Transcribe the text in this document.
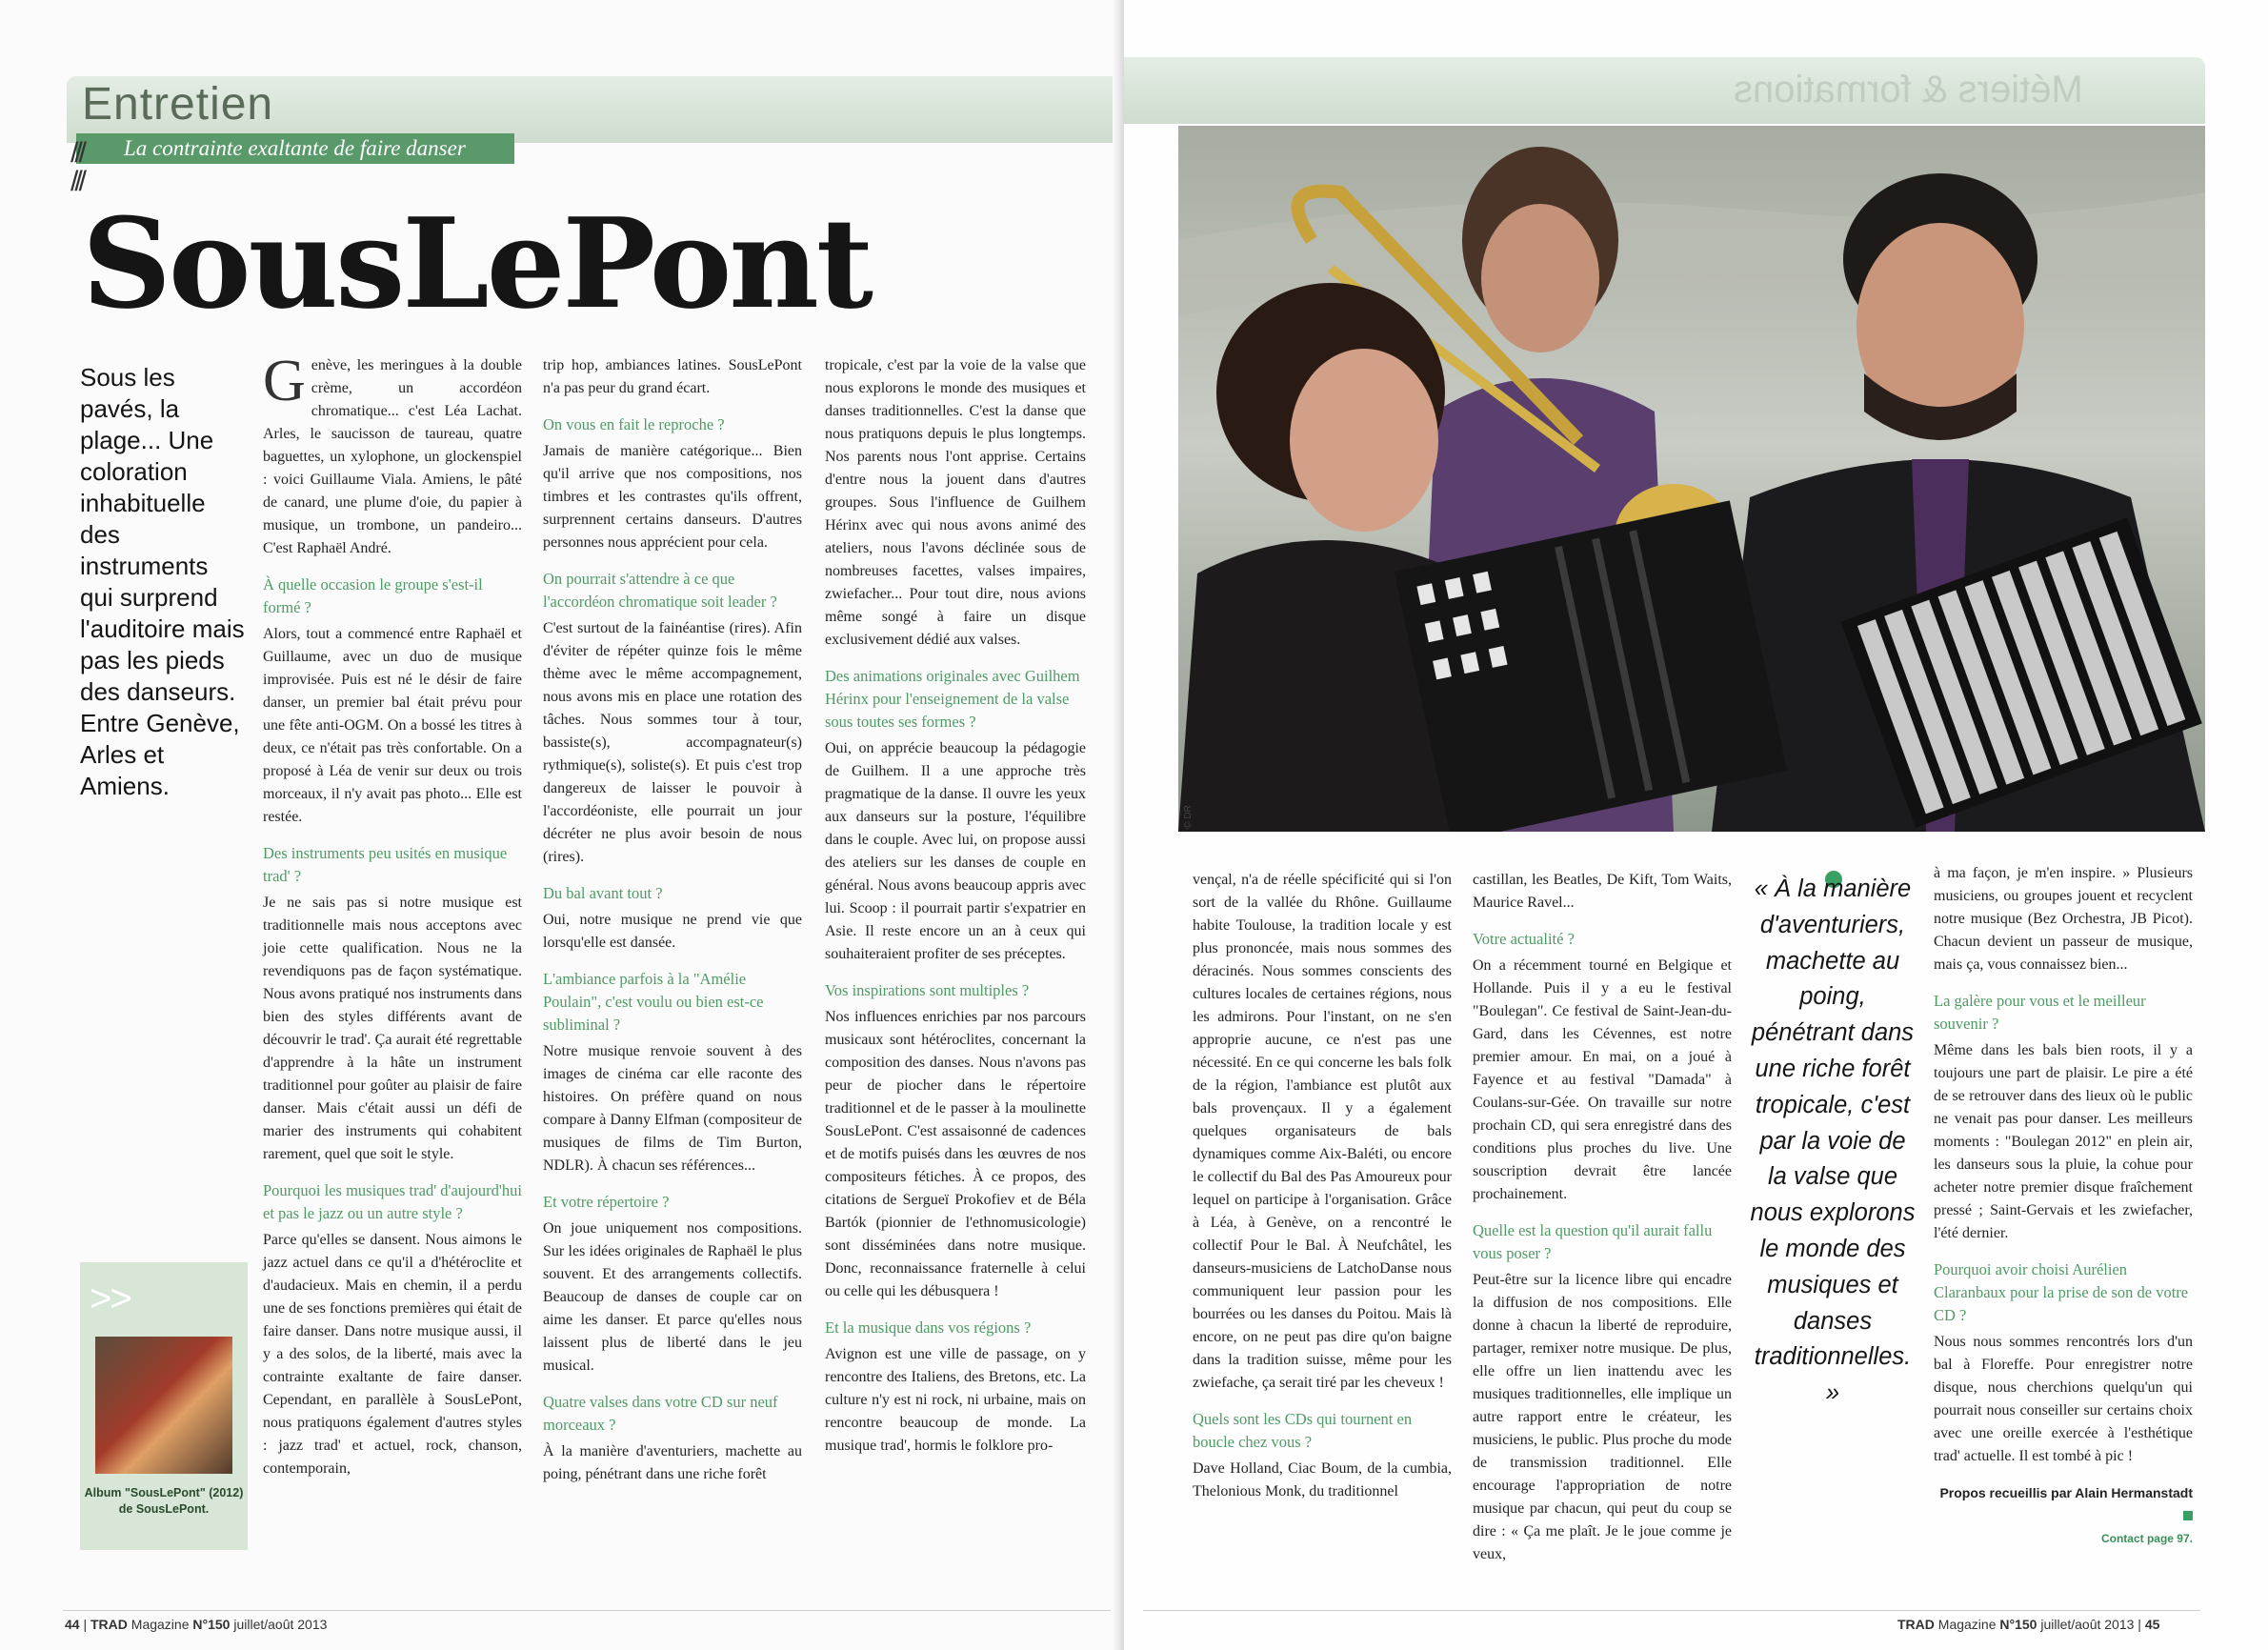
Entretien
La contrainte exaltante de faire danser
///
///
SousLePont
Sous les pavés, la plage... Une coloration inhabituelle des instruments qui surprend l'auditoire mais pas les pieds des danseurs. Entre Genève, Arles et Amiens.
>>
Album "SousLePont" (2012) de SousLePont.

Genève, les meringues à la double crème, un accordéon chromatique... c'est Léa Lachat. Arles, le saucisson de taureau, quatre baguettes, un xylophone, un glockenspiel : voici Guillaume Viala. Amiens, le pâté de canard, une plume d'oie, du papier à musique, un trombone, un pandeiro... C'est Raphaël André.

À quelle occasion le groupe s'est-il formé ?

Alors, tout a commencé entre Raphaël et Guillaume, avec un duo de musique improvisée. Puis est né le désir de faire danser, un premier bal était prévu pour une fête anti-OGM. On a bossé les titres à deux, ce n'était pas très confortable. On a proposé à Léa de venir sur deux ou trois morceaux, il n'y avait pas photo... Elle est restée.

Des instruments peu usités en musique trad' ?

Je ne sais pas si notre musique est traditionnelle mais nous acceptons avec joie cette qualification. Nous ne la revendiquons pas de façon systématique. Nous avons pratiqué nos instruments dans bien des styles différents avant de découvrir le trad'. Ça aurait été regrettable d'apprendre à la hâte un instrument traditionnel pour goûter au plaisir de faire danser. Mais c'était aussi un défi de marier des instruments qui cohabitent rarement, quel que soit le style.

Pourquoi les musiques trad' d'aujourd'hui et pas le jazz ou un autre style ?

Parce qu'elles se dansent. Nous aimons le jazz actuel dans ce qu'il a d'hétéroclite et d'audacieux. Mais en chemin, il a perdu une de ses fonctions premières qui était de faire danser. Dans notre musique aussi, il y a des solos, de la liberté, mais avec la contrainte exaltante de faire danser. Cependant, en parallèle à SousLePont, nous pratiquons également d'autres styles : jazz trad' et actuel, rock, chanson, contemporain,

trip hop, ambiances latines. SousLePont n'a pas peur du grand écart.

On vous en fait le reproche ?

Jamais de manière catégorique... Bien qu'il arrive que nos compositions, nos timbres et les contrastes qu'ils offrent, surprennent certains danseurs. D'autres personnes nous apprécient pour cela.

On pourrait s'attendre à ce que l'accordéon chromatique soit leader ?

C'est surtout de la fainéantise (rires). Afin d'éviter de répéter quinze fois le même thème avec le même accompagnement, nous avons mis en place une rotation des tâches. Nous sommes tour à tour, bassiste(s), accompagnateur(s) rythmique(s), soliste(s). Et puis c'est trop dangereux de laisser le pouvoir à l'accordéoniste, elle pourrait un jour décréter ne plus avoir besoin de nous (rires).

Du bal avant tout ?

Oui, notre musique ne prend vie que lorsqu'elle est dansée.

L'ambiance parfois à la "Amélie Poulain", c'est voulu ou bien est-ce subliminal ?

Notre musique renvoie souvent à des images de cinéma car elle raconte des histoires. On préfère quand on nous compare à Danny Elfman (compositeur de musiques de films de Tim Burton, NDLR). À chacun ses références...

Et votre répertoire ?

On joue uniquement nos compositions. Sur les idées originales de Raphaël le plus souvent. Et des arrangements collectifs. Beaucoup de danses de couple car on aime les danser. Et parce qu'elles nous laissent plus de liberté dans le jeu musical.

Quatre valses dans votre CD sur neuf morceaux ?

À la manière d'aventuriers, machette au poing, pénétrant dans une riche forêt

tropicale, c'est par la voie de la valse que nous explorons le monde des musiques et danses traditionnelles. C'est la danse que nous pratiquons depuis le plus longtemps. Nos parents nous l'ont apprise. Certains d'entre nous la jouent dans d'autres groupes. Sous l'influence de Guilhem Hérinx avec qui nous avons animé des ateliers, nous l'avons déclinée sous de nombreuses facettes, valses impaires, zwiefacher... Pour tout dire, nous avions même songé à faire un disque exclusivement dédié aux valses.

Des animations originales avec Guilhem Hérinx pour l'enseignement de la valse sous toutes ses formes ?

Oui, on apprécie beaucoup la pédagogie de Guilhem. Il a une approche très pragmatique de la danse. Il ouvre les yeux aux danseurs sur la posture, l'équilibre dans le couple. Avec lui, on propose aussi des ateliers sur les danses de couple en général. Nous avons beaucoup appris avec lui. Scoop : il pourrait partir s'expatrier en Asie. Il reste encore un an à ceux qui souhaiteraient profiter de ses préceptes.

Vos inspirations sont multiples ?

Nos influences enrichies par nos parcours musicaux sont hétéroclites, concernant la composition des danses. Nous n'avons pas peur de piocher dans le répertoire traditionnel et de le passer à la moulinette SousLePont. C'est assaisonné de cadences et de motifs puisés dans les œuvres de nos compositeurs fétiches. À ce propos, des citations de Sergueï Prokofiev et de Béla Bartók (pionnier de l'ethnomusicologie) sont disséminées dans notre musique. Donc, reconnaissance fraternelle à celui ou celle qui les débusquera !

Et la musique dans vos régions ?

Avignon est une ville de passage, on y rencontre des Italiens, des Bretons, etc. La culture n'y est ni rock, ni urbaine, mais on rencontre beaucoup de monde. La musique trad', hormis le folklore pro-

44 | TRAD Magazine N°150 juillet/août 2013
Métiers & formations
© DR

vençal, n'a de réelle spécificité qui si l'on sort de la vallée du Rhône. Guillaume habite Toulouse, la tradition locale y est plus prononcée, mais nous sommes des déracinés. Nous sommes conscients des cultures locales de certaines régions, nous les admirons. Pour l'instant, on ne s'en approprie aucune, ce n'est pas une nécessité. En ce qui concerne les bals folk de la région, l'ambiance est plutôt aux bals provençaux. Il y a également quelques organisateurs de bals dynamiques comme Aix-Baléti, ou encore le collectif du Bal des Pas Amoureux pour lequel on participe à l'organisation. Grâce à Léa, à Genève, on a rencontré le collectif Pour le Bal. À Neufchâtel, les danseurs-musiciens de LatchoDanse nous communiquent leur passion pour les bourrées ou les danses du Poitou. Mais là encore, on ne peut pas dire qu'on baigne dans la tradition suisse, même pour les zwiefache, ça serait tiré par les cheveux !

Quels sont les CDs qui tournent en boucle chez vous ?

Dave Holland, Ciac Boum, de la cumbia, Thelonious Monk, du traditionnel

castillan, les Beatles, De Kift, Tom Waits, Maurice Ravel...

Votre actualité ?

On a récemment tourné en Belgique et Hollande. Puis il y a eu le festival "Boulegan". Ce festival de Saint-Jean-du-Gard, dans les Cévennes, est notre premier amour. En mai, on a joué à Fayence et au festival "Damada" à Coulans-sur-Gée. On travaille sur notre prochain CD, qui sera enregistré dans des conditions plus proches du live. Une souscription devrait être lancée prochainement.

Quelle est la question qu'il aurait fallu vous poser ?

Peut-être sur la licence libre qui encadre la diffusion de nos compositions. Elle donne à chacun la liberté de reproduire, partager, remixer notre musique. De plus, elle offre un lien inattendu avec les musiques traditionnelles, elle implique un autre rapport entre le créateur, les musiciens, le public. Plus proche du mode de transmission traditionnel. Elle encourage l'appropriation de notre musique par chacun, qui peut du coup se dire : « Ça me plaît. Je le joue comme je veux,

« À la manière d'aventuriers, machette au poing, pénétrant dans une riche forêt tropicale, c'est par la voie de la valse que nous explorons le monde des musiques et danses traditionnelles. »

à ma façon, je m'en inspire. » Plusieurs musiciens, ou groupes jouent et recyclent notre musique (Bez Orchestra, JB Picot). Chacun devient un passeur de musique, mais ça, vous connaissez bien...

La galère pour vous et le meilleur souvenir ?

Même dans les bals bien roots, il y a toujours une part de plaisir. Le pire a été de se retrouver dans des lieux où le public ne venait pas pour danser. Les meilleurs moments : "Boulegan 2012" en plein air, les danseurs sous la pluie, la cohue pour acheter notre premier disque fraîchement pressé ; Saint-Gervais et les zwiefacher, l'été dernier.

Pourquoi avoir choisi Aurélien Claranbaux pour la prise de son de votre CD ?

Nous nous sommes rencontrés lors d'un bal à Floreffe. Pour enregistrer notre disque, nous cherchions quelqu'un qui pourrait nous conseiller sur certains choix avec une oreille exercée à l'esthétique trad' actuelle. Il est tombé à pic !

Propos recueillis par Alain Hermanstadt
Contact page 97.
TRAD Magazine N°150 juillet/août 2013 | 45
